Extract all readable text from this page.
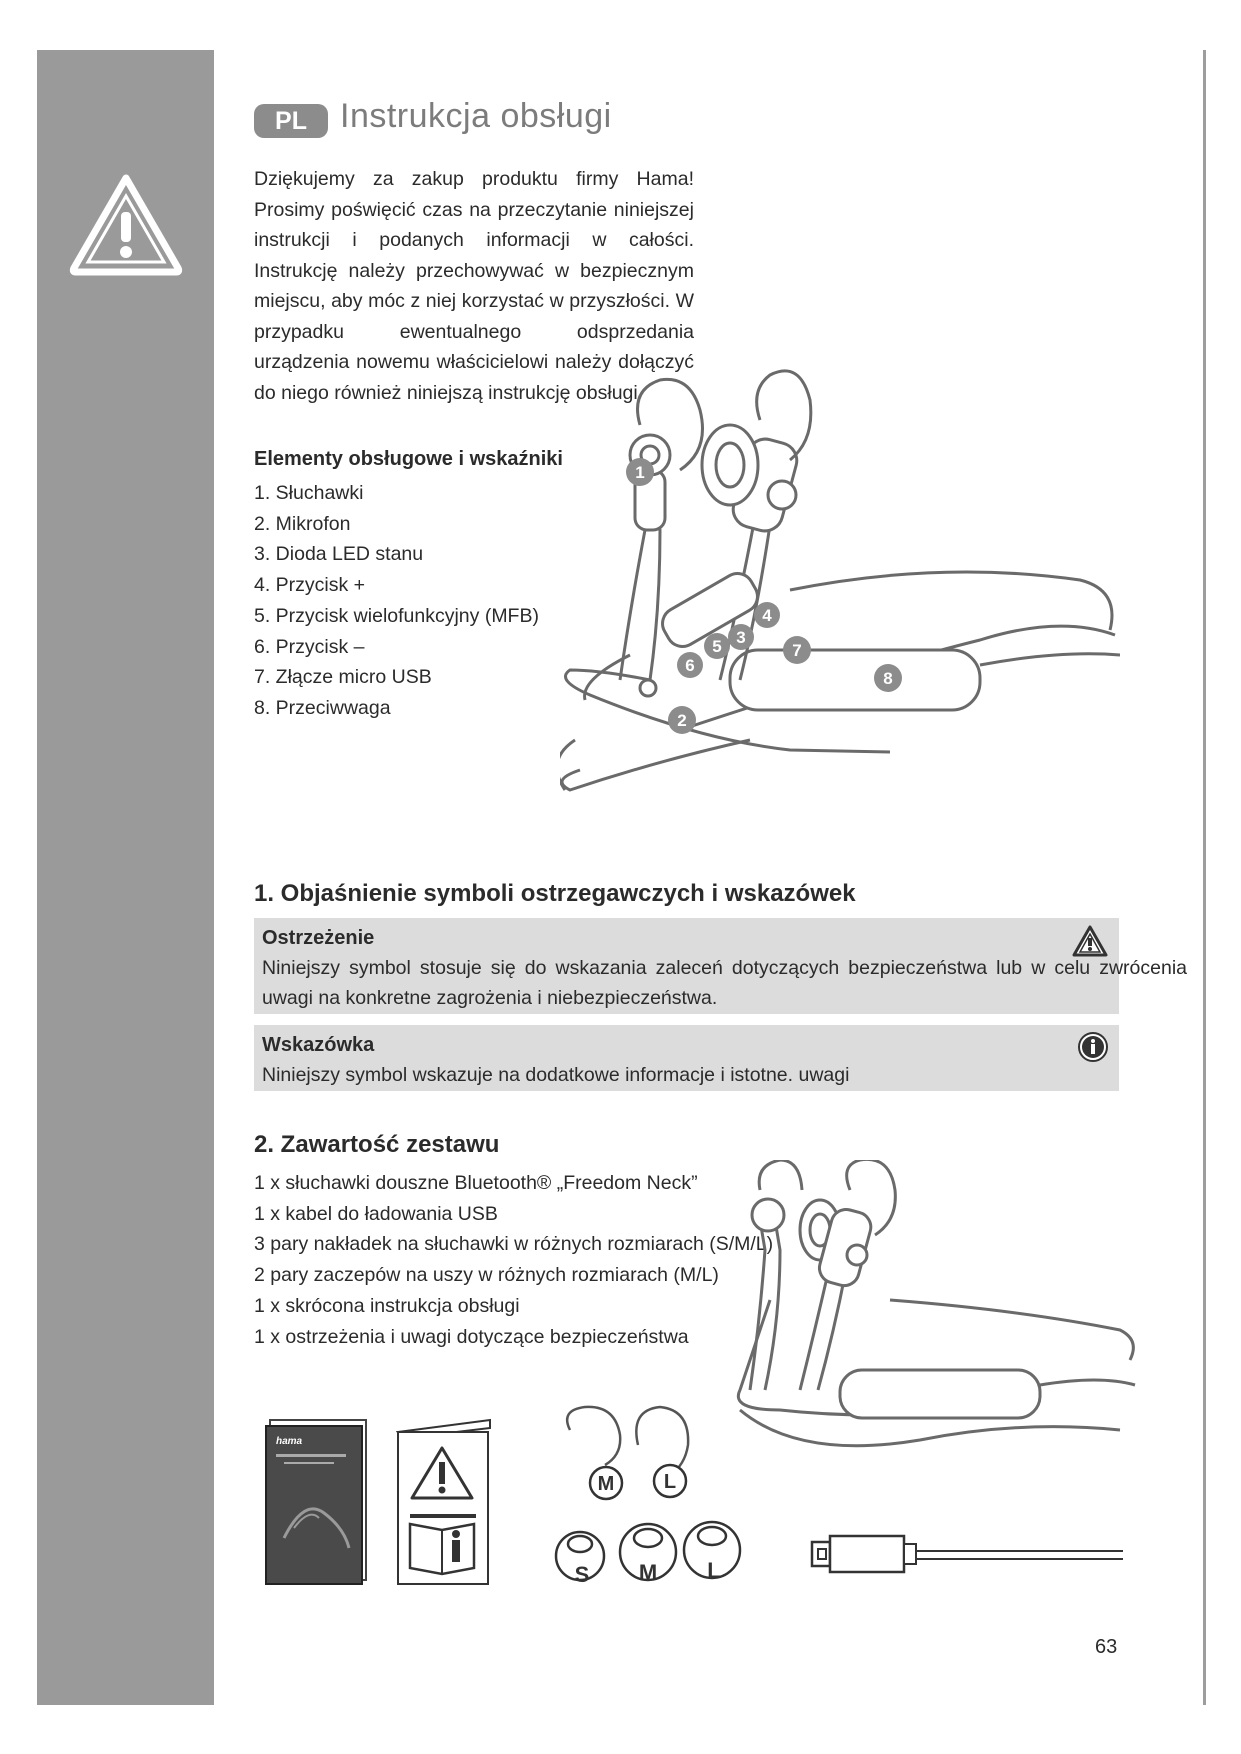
PL Instrukcja obsługi

Dziękujemy za zakup produktu firmy Hama! Prosimy poświęcić czas na przeczytanie niniejszej instrukcji i podanych informacji w całości. Instrukcję należy przechowywać w bezpiecznym miejscu, aby móc z niej korzystać w przyszłości. W przypadku ewentualnego odsprzedania urządzenia nowemu właścicielowi należy dołączyć do niego również niniejszą instrukcję obsługi

Elementy obsługowe i wskaźniki
1. Słuchawki
2. Mikrofon
3. Dioda LED stanu
4. Przycisk +
5. Przycisk wielofunkcyjny (MFB)
6. Przycisk –
7. Złącze micro USB
8. Przeciwwaga
1
2
3
4
5
6
7
8
1. Objaśnienie symboli ostrzegawczych i wskazówek
Ostrzeżenie
Niniejszy symbol stosuje się do wskazania zaleceń dotyczących bezpieczeństwa lub w celu zwrócenia uwagi na konkretne zagrożenia i niebezpieczeństwa.
Wskazówka
Niniejszy symbol wskazuje na dodatkowe informacje i istotne. uwagi
2. Zawartość zestawu
1 x słuchawki douszne Bluetooth® „Freedom Neck”
1 x kabel do ładowania USB
3 pary nakładek na słuchawki w różnych rozmiarach (S/M/L)
2 pary zaczepów na uszy w różnych rozmiarach (M/L)
1 x skrócona instrukcja obsługi
1 x ostrzeżenia i uwagi dotyczące bezpieczeństwa
hama
M L
S M L
63
